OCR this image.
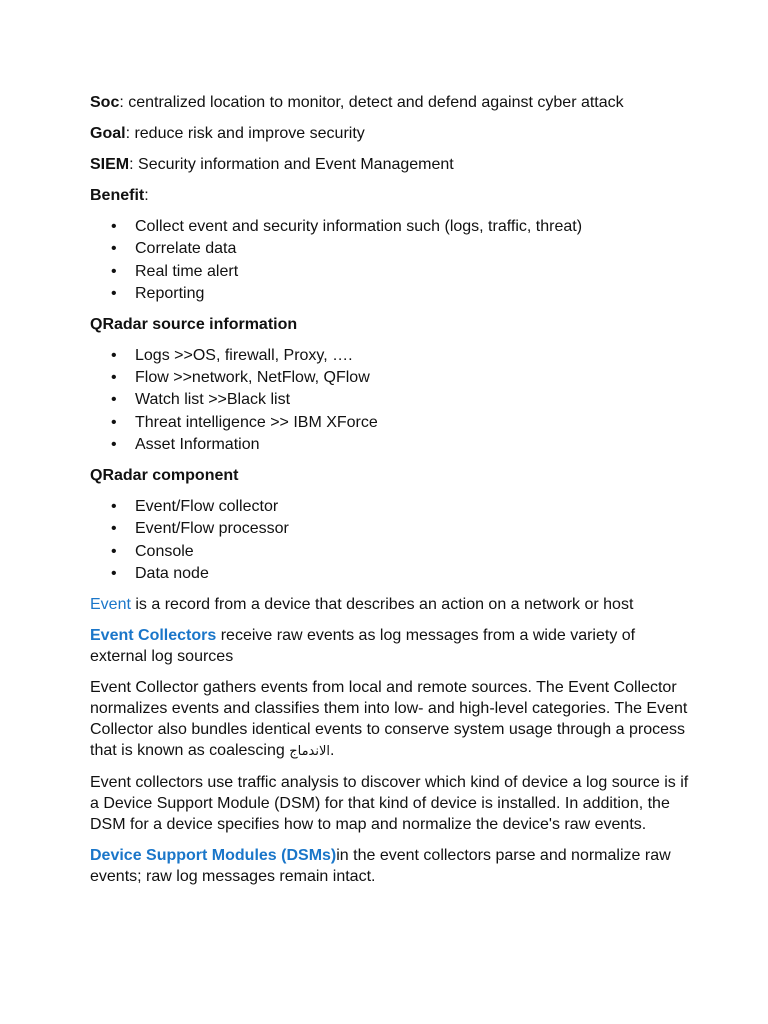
Soc: centralized location to monitor, detect and defend against cyber attack

Goal: reduce risk and improve security

SIEM: Security information and Event Management

Benefit:

• Collect event and security information such (logs, traffic, threat)
• Correlate data
• Real time alert
• Reporting

QRadar source information

• Logs >>OS, firewall, Proxy, ….
• Flow >>network, NetFlow, QFlow
• Watch list >>Black list
• Threat intelligence >> IBM XForce
• Asset Information

QRadar component

• Event/Flow collector
• Event/Flow processor
• Console
• Data node

Event is a record from a device that describes an action on a network or host

Event Collectors receive raw events as log messages from a wide variety of external log sources

Event Collector gathers events from local and remote sources. The Event Collector normalizes events and classifies them into low- and high-level categories. The Event Collector also bundles identical events to conserve system usage through a process that is known as coalescing الاندماج.

Event collectors use traffic analysis to discover which kind of device a log source is if a Device Support Module (DSM) for that kind of device is installed. In addition, the DSM for a device specifies how to map and normalize the device's raw events.

Device Support Modules (DSMs)in the event collectors parse and normalize raw events; raw log messages remain intact.
